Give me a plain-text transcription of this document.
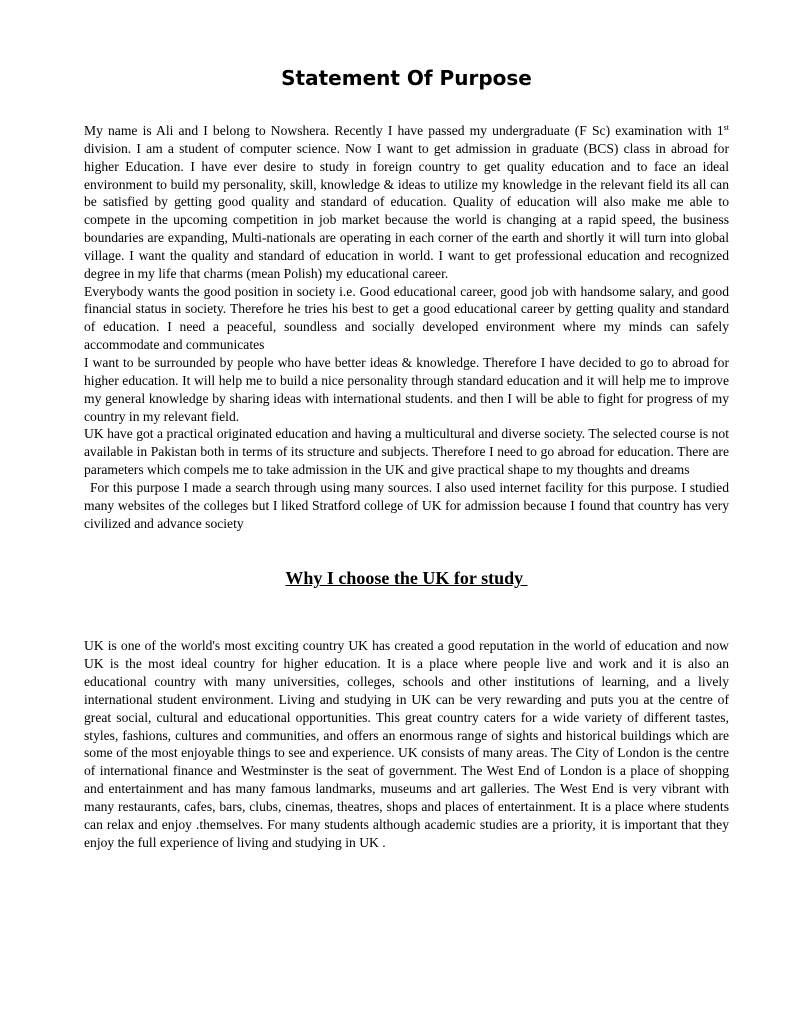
Statement Of Purpose

My name is Ali and I belong to Nowshera. Recently I have passed my undergraduate (F Sc) examination with 1st division. I am a student of computer science. Now I want to get admission in graduate (BCS) class in abroad for higher Education. I have ever desire to study in foreign country to get quality education and to face an ideal environment to build my personality, skill, knowledge & ideas to utilize my knowledge in the relevant field its all can be satisfied by getting good quality and standard of education. Quality of education will also make me able to compete in the upcoming competition in job market because the world is changing at a rapid speed, the business boundaries are expanding, Multi-nationals are operating in each corner of the earth and shortly it will turn into global village. I want the quality and standard of education in world. I want to get professional education and recognized degree in my life that charms (mean Polish) my educational career.

Everybody wants the good position in society i.e. Good educational career, good job with handsome salary, and good financial status in society. Therefore he tries his best to get a good educational career by getting quality and standard of education. I need a peaceful, soundless and socially developed environment where my minds can safely accommodate and communicates

I want to be surrounded by people who have better ideas & knowledge. Therefore I have decided to go to abroad for higher education. It will help me to build a nice personality through standard education and it will help me to improve my general knowledge by sharing ideas with international students. and then I will be able to fight for progress of my country in my relevant field.

UK have got a practical originated education and having a multicultural and diverse society. The selected course is not available in Pakistan both in terms of its structure and subjects. Therefore I need to go abroad for education. There are parameters which compels me to take admission in the UK and give practical shape to my thoughts and dreams

For this purpose I made a search through using many sources. I also used internet facility for this purpose. I studied many websites of the colleges but I liked Stratford college of UK for admission because I found that country has very civilized and advance society

Why I choose the UK for study

UK is one of the world's most exciting country UK has created a good reputation in the world of education and now UK is the most ideal country for higher education. It is a place where people live and work and it is also an educational country with many universities, colleges, schools and other institutions of learning, and a lively international student environment. Living and studying in UK can be very rewarding and puts you at the centre of great social, cultural and educational opportunities. This great country caters for a wide variety of different tastes, styles, fashions, cultures and communities, and offers an enormous range of sights and historical buildings which are some of the most enjoyable things to see and experience. UK consists of many areas. The City of London is the centre of international finance and Westminster is the seat of government. The West End of London is a place of shopping and entertainment and has many famous landmarks, museums and art galleries. The West End is very vibrant with many restaurants, cafes, bars, clubs, cinemas, theatres, shops and places of entertainment. It is a place where students can relax and enjoy .themselves. For many students although academic studies are a priority, it is important that they enjoy the full experience of living and studying in UK .
